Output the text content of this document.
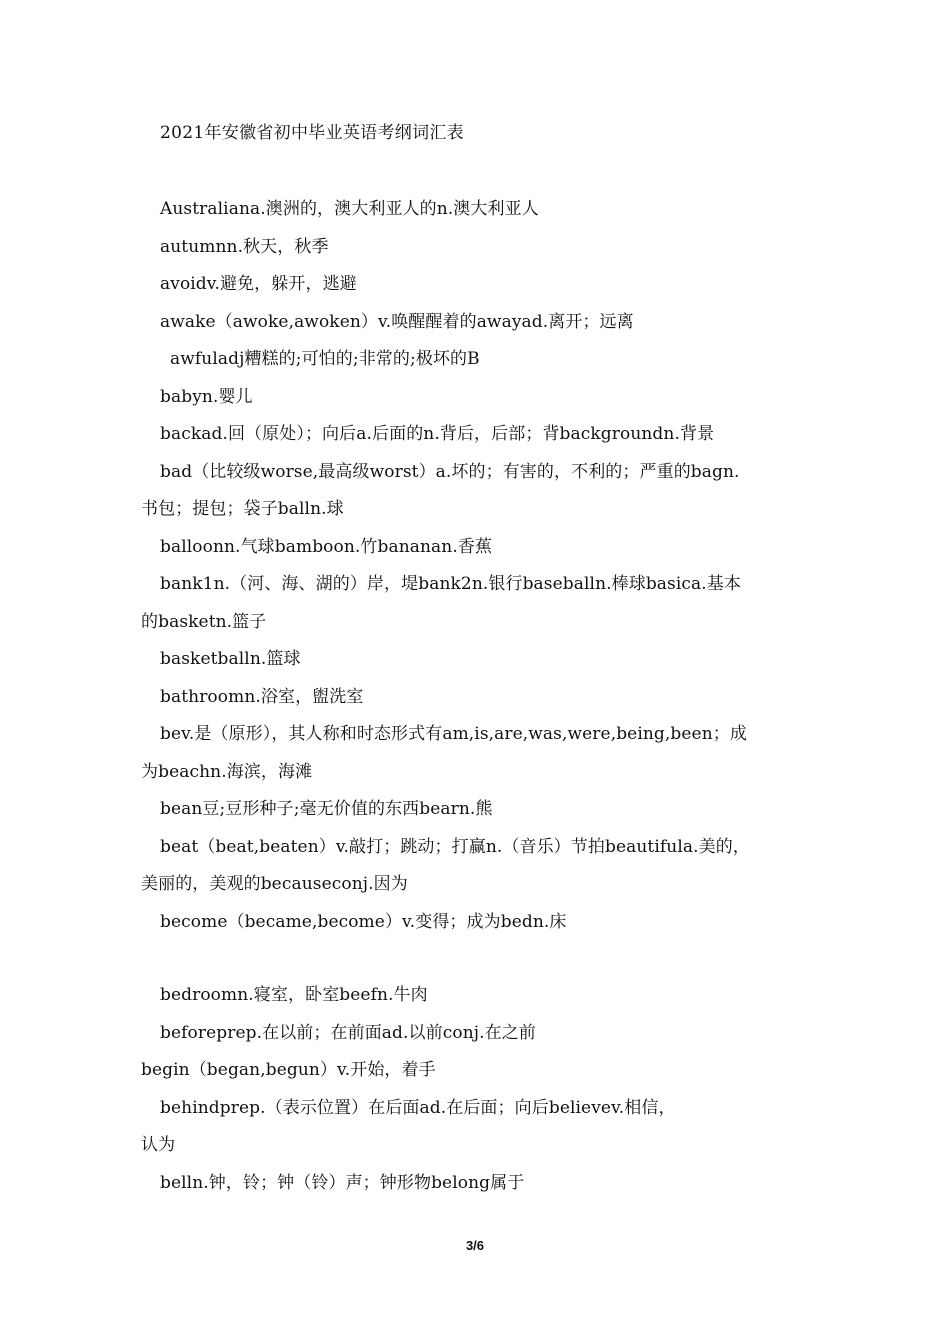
2021年安徽省初中毕业英语考纲词汇表
Australiana.澳洲的，澳大利亚人的n.澳大利亚人
autumnn.秋天，秋季
avoidv.避免，躲开，逃避
awake（awoke,awoken）v.唤醒醒着的awayad.离开；远离
awfuladj糟糕的;可怕的;非常的;极坏的B
babyn.婴儿
backad.回（原处）；向后a.后面的n.背后，后部；背backgroundn.背景
bad（比较级worse,最高级worst）a.坏的；有害的，不利的；严重的bagn.
书包；提包；袋子balln.球
balloonn.气球bamboon.竹bananan.香蕉
bank1n.（河、海、湖的）岸，堤bank2n.银行baseballn.棒球basica.基本
的basketn.篮子
basketballn.篮球
bathroomn.浴室，盥洗室
bev.是（原形），其人称和时态形式有am,is,are,was,were,being,been；成
为beachn.海滨，海滩
bean豆;豆形种子;毫无价值的东西bearn.熊
beat（beat,beaten）v.敲打；跳动；打赢n.（音乐）节拍beautifula.美的，
美丽的，美观的becauseconj.因为
become（became,become）v.变得；成为bedn.床
bedroomn.寝室，卧室beefn.牛肉
beforeprep.在以前；在前面ad.以前conj.在之前
begin（began,begun）v.开始，着手
behindprep.（表示位置）在后面ad.在后面；向后believev.相信，
认为
belln.钟，铃；钟（铃）声；钟形物belong属于
3/6
